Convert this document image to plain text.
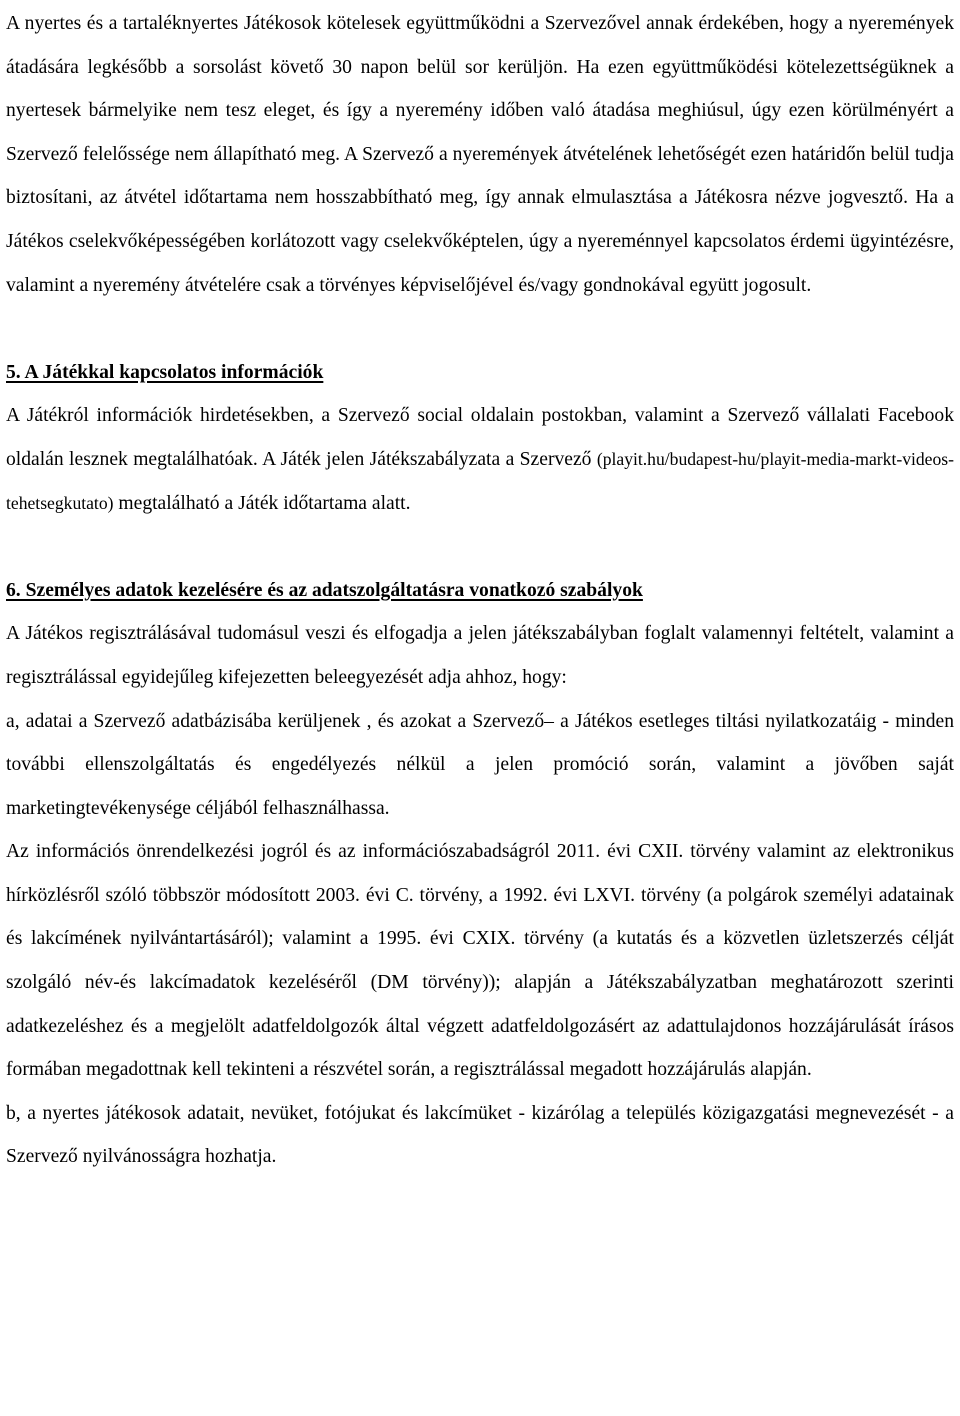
A nyertes és a tartaléknyertes Játékosok kötelesek együttműködni a Szervezővel annak érdekében, hogy a nyeremények átadására legkésőbb a sorsolást követő 30 napon belül sor kerüljön. Ha ezen együttműködési kötelezettségüknek a nyertesek bármelyike nem tesz eleget, és így a nyeremény időben való átadása meghiúsul, úgy ezen körülményért a Szervező felelőssége nem állapítható meg. A Szervező a nyeremények átvételének lehetőségét ezen határidőn belül tudja biztosítani, az átvétel időtartama nem hosszabbítható meg, így annak elmulasztása a Játékosra nézve jogvesztő. Ha a Játékos cselekvőképességében korlátozott vagy cselekvőképtelen, úgy a nyereménnyel kapcsolatos érdemi ügyintézésre, valamint a nyeremény átvételére csak a törvényes képviselőjével és/vagy gondnokával együtt jogosult.

5. A Játékkal kapcsolatos információk

A Játékról információk hirdetésekben, a Szervező social oldalain postokban, valamint a Szervező vállalati Facebook oldalán lesznek megtalálhatóak. A Játék jelen Játékszabályzata a Szervező (playit.hu/budapest-hu/playit-media-markt-videos-tehetsegkutato) megtalálható a Játék időtartama alatt.

6. Személyes adatok kezelésére és az adatszolgáltatásra vonatkozó szabályok

A Játékos regisztrálásával tudomásul veszi és elfogadja a jelen játékszabályban foglalt valamennyi feltételt, valamint a regisztrálással egyidejűleg kifejezetten beleegyezését adja ahhoz, hogy:

a, adatai a Szervező adatbázisába kerüljenek , és azokat a Szervező– a Játékos esetleges tiltási nyilatkozatáig - minden további ellenszolgáltatás és engedélyezés nélkül a jelen promóció során, valamint a jövőben saját marketingtevékenysége céljából felhasználhassa.

Az információs önrendelkezési jogról és az információszabadságról 2011. évi CXII. törvény valamint az elektronikus hírközlésről szóló többször módosított 2003. évi C. törvény, a 1992. évi LXVI. törvény (a polgárok személyi adatainak és lakcímének nyilvántartásáról); valamint a 1995. évi CXIX. törvény (a kutatás és a közvetlen üzletszerzés célját szolgáló név-és lakcímadatok kezeléséről (DM törvény)); alapján a Játékszabályzatban meghatározott szerinti adatkezeléshez és a megjelölt adatfeldolgozók által végzett adatfeldolgozásért az adattulajdonos hozzájárulását írásos formában megadottnak kell tekinteni a részvétel során, a regisztrálással megadott hozzájárulás alapján.

b, a nyertes játékosok adatait, nevüket, fotójukat és lakcímüket - kizárólag a település közigazgatási megnevezését - a Szervező nyilvánosságra hozhatja.
